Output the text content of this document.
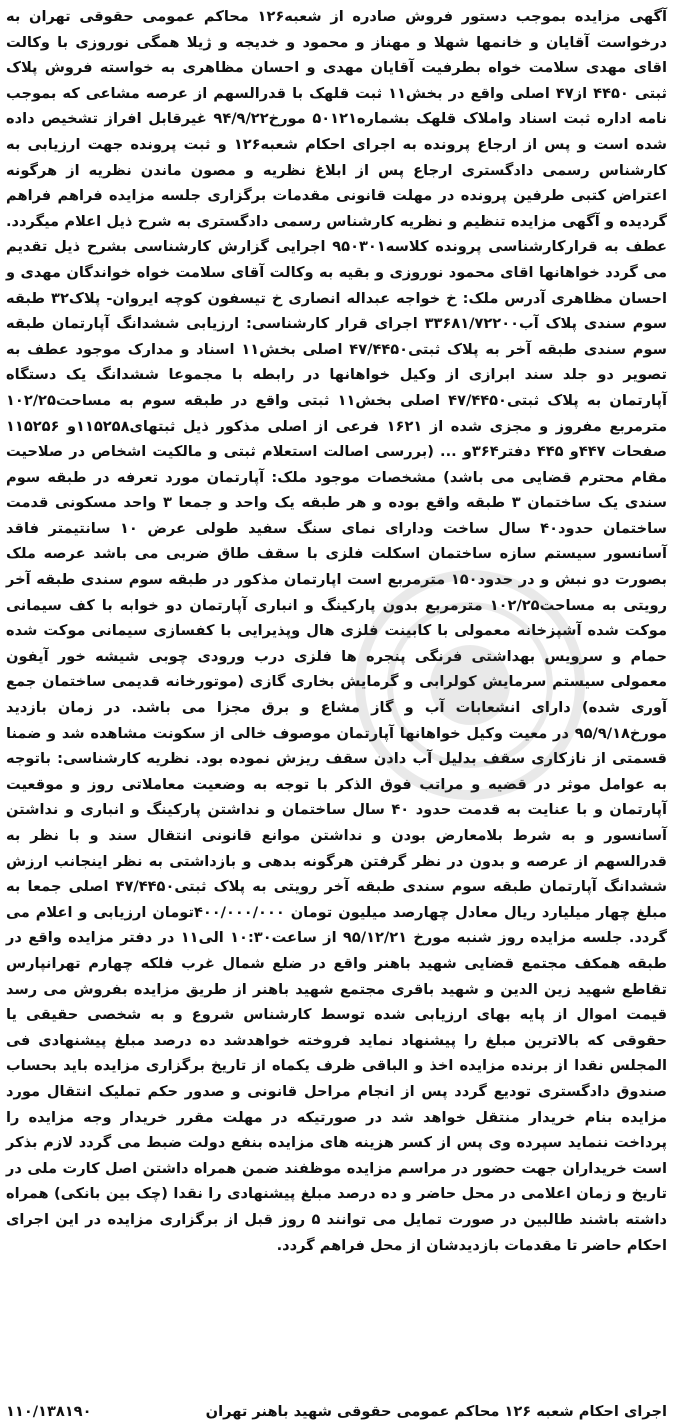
آگهی مزایده بموجب دستور فروش صادره از شعبه۱۲۶ محاکم عمومی حقوقی تهران به درخواست آقایان و خانمها شهلا و مهناز و محمود و خدیجه و ژیلا همگی نوروزی با وکالت اقای مهدی سلامت خواه بطرفیت آقایان مهدی و احسان مظاهری به خواسته فروش پلاک ثبتی ۴۴۵۰ از۴۷ اصلی واقع در بخش۱۱ ثبت قلهک با قدرالسهم از عرصه مشاعی که بموجب نامه اداره ثبت اسناد واملاک قلهک بشماره۵۰۱۲۱ مورخ۹۴/۹/۲۲ غیرقابل افراز تشخیص داده شده است و پس از ارجاع پرونده به اجرای احکام شعبه۱۲۶ و ثبت پرونده جهت ارزیابی به کارشناس رسمی دادگستری ارجاع پس از ابلاغ نظریه و مصون ماندن نظریه از هرگونه اعتراض کتبی طرفین پرونده در مهلت قانونی مقدمات برگزاری جلسه مزایده فراهم فراهم گردیده و آگهی مزایده تنظیم و نظریه کارشناس رسمی دادگستری به شرح ذیل اعلام میگردد. عطف به قرارکارشناسی پرونده کلاسه۹۵۰۳۰۱ اجرایی گزارش کارشناسی بشرح ذیل تقدیم می گردد خواهانها اقای محمود نوروزی و بقیه به وکالت آقای سلامت خواه خواندگان مهدی و احسان مظاهری آدرس ملک: خ خواجه عبداله انصاری خ تیسفون کوچه ایروان- پلاک۳۲ طبقه سوم سندی پلاک آب۳۳۶۸۱/۷۲۲۰۰ اجرای قرار کارشناسی: ارزیابی ششدانگ آپارتمان طبقه سوم سندی طبقه آخر به پلاک ثبتی۴۷/۴۴۵۰ اصلی بخش۱۱ اسناد و مدارک موجود عطف به تصویر دو جلد سند ابرازی از وکیل خواهانها در رابطه با مجموعا ششدانگ یک دستگاه آپارتمان به پلاک ثبتی۴۷/۴۴۵۰ اصلی بخش۱۱ ثبتی واقع در طبقه سوم به مساحت۱۰۲/۲۵ مترمربع مفروز و مجزی شده از ۱۶۲۱ فرعی از اصلی مذکور ذیل ثبتهای۱۱۵۲۵۸و ۱۱۵۲۵۶ صفحات ۴۴۷و ۴۴۵ دفتر۳۶۴و ... (بررسی اصالت استعلام ثبتی و مالکیت اشخاص در صلاحیت مقام محترم قضایی می باشد) مشخصات موجود ملک: آپارتمان مورد تعرفه در طبقه سوم سندی یک ساختمان ۳ طبقه واقع بوده و هر طبقه یک واحد و جمعا ۳ واحد مسکونی قدمت ساختمان حدود۴۰ سال ساخت ودارای نمای سنگ سفید طولی عرض ۱۰ سانتیمتر فاقد آسانسور سیستم سازه ساختمان اسکلت فلزی با سقف طاق ضربی می باشد عرصه ملک بصورت دو نبش و در حدود۱۵۰ مترمربع است اپارتمان مذکور در طبقه سوم سندی طبقه آخر رویتی به مساحت۱۰۲/۲۵ مترمربع بدون پارکینگ و انباری آپارتمان دو خوابه با کف سیمانی موکت شده آشپزخانه معمولی با کابینت فلزی هال وپذیرایی با کفسازی سیمانی موکت شده حمام و سرویس بهداشتی فرنگی پنجره ها فلزی درب ورودی چوبی شیشه خور آیفون معمولی سیستم سرمایش کولرابی و گرمایش بخاری گازی (موتورخانه قدیمی ساختمان جمع آوری شده) دارای انشعابات آب و گاز مشاع و برق مجزا می باشد. در زمان بازدید مورخ۹۵/۹/۱۸ در معیت وکیل خواهانها آپارتمان موصوف خالی از سکونت مشاهده شد و ضمنا قسمتی از نازکاری سقف بدلیل آب دادن سقف ریزش نموده بود. نظریه کارشناسی: باتوجه به عوامل موثر در قضیه و مراتب فوق الذکر با توجه به وضعیت معاملاتی روز و موقعیت آپارتمان و با عنایت به قدمت حدود ۴۰ سال ساختمان و نداشتن پارکینگ و انباری و نداشتن آسانسور و به شرط بلامعارض بودن و نداشتن موانع قانونی انتقال سند و با نظر به قدرالسهم از عرصه و بدون در نظر گرفتن هرگونه بدهی و بازداشتی به نظر اینجانب ارزش ششدانگ آپارتمان طبقه سوم سندی طبقه آخر رویتی به پلاک ثبتی۴۷/۴۴۵۰ اصلی جمعا به مبلغ چهار میلیارد ریال معادل چهارصد میلیون تومان ۴۰۰/۰۰۰/۰۰۰تومان ارزیابی و اعلام می گردد. جلسه مزایده روز شنبه مورخ ۹۵/۱۲/۲۱ از ساعت۱۰:۳۰ الی۱۱ در دفتر مزایده واقع در طبقه همکف مجتمع قضایی شهید باهنر واقع در ضلع شمال غرب فلکه چهارم تهرانپارس تقاطع شهید زین الدین و شهید باقری مجتمع شهید باهنر از طریق مزایده بفروش می رسد قیمت اموال از پایه بهای ارزیابی شده توسط کارشناس شروع و به شخصی حقیقی یا حقوقی که بالاترین مبلغ را پیشنهاد نماید فروخته خواهدشد ده درصد مبلغ پیشنهادی فی المجلس نقدا از برنده مزایده اخذ و الباقی ظرف یکماه از تاریخ برگزاری مزایده باید بحساب صندوق دادگستری تودیع گردد پس از انجام مراحل قانونی و صدور حکم تملیک انتقال مورد مزایده بنام خریدار منتقل خواهد شد در صورتیکه در مهلت مقرر خریدار وجه مزایده را پرداخت ننماید سپرده وی پس از کسر هزینه های مزایده بنفع دولت ضبط می گردد لازم بذکر است خریداران جهت حضور در مراسم مزایده موظفند ضمن همراه داشتن اصل کارت ملی در تاریخ و زمان اعلامی در محل حاضر و ده درصد مبلغ پیشنهادی را نقدا (چک بین بانکی) همراه داشته باشند طالبین در صورت تمایل می توانند ۵ روز قبل از برگزاری مزایده در این اجرای احکام حاضر تا مقدمات بازدیدشان از محل فراهم گردد.

اجرای احکام شعبه ۱۲۶ محاکم عمومی حقوقی شهید باهنر تهران
۱۱۰/۱۳۸۱۹۰
